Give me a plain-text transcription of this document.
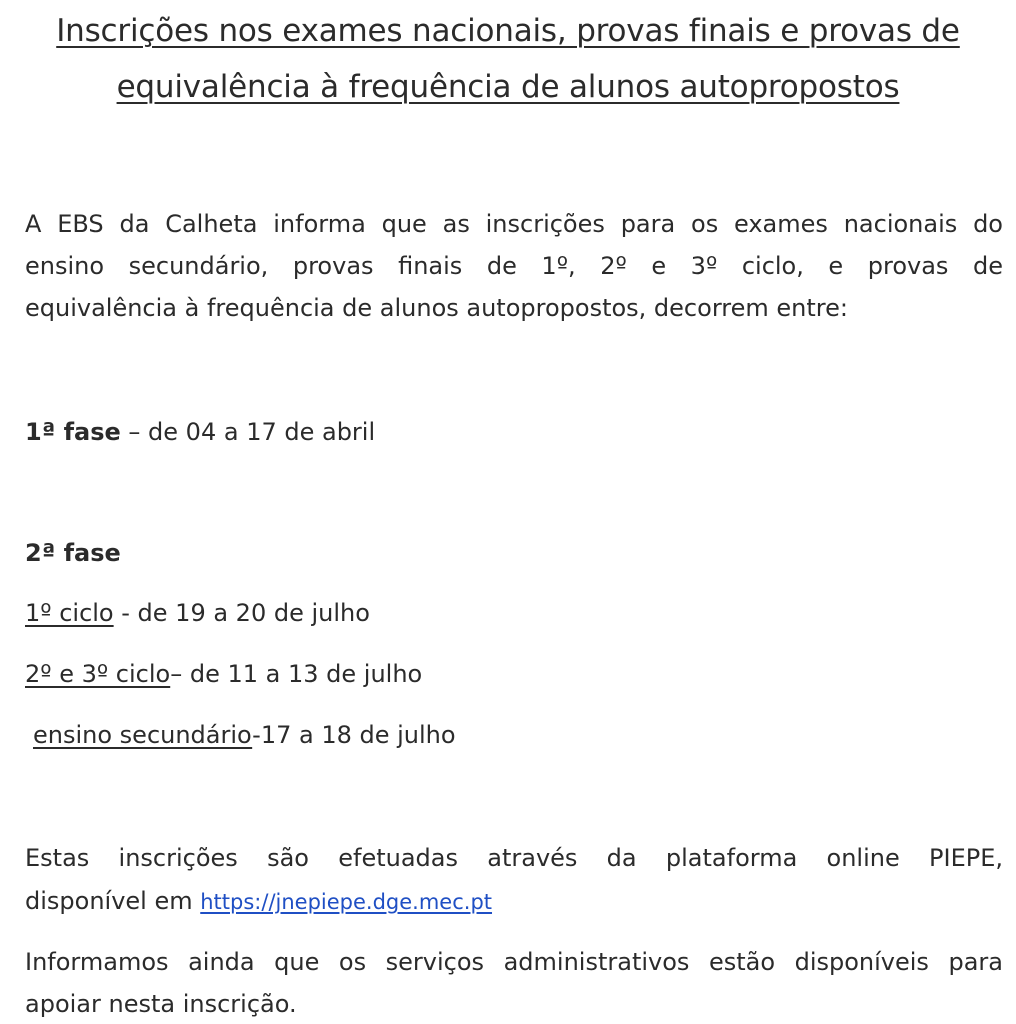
Inscrições nos exames nacionais, provas finais e provas de
equivalência à frequência de alunos autopropostos
A EBS da Calheta informa que as inscrições para os exames nacionais do
ensino secundário, provas finais de 1º, 2º e 3º ciclo, e provas de
equivalência à frequência de alunos autopropostos, decorrem entre:
1ª fase – de 04 a 17 de abril
2ª fase
1º ciclo - de 19 a 20 de julho
2º e 3º ciclo– de 11 a 13 de julho
ensino secundário-17 a 18 de julho
Estas inscrições são efetuadas através da plataforma online PIEPE,
disponível em https://jnepiepe.dge.mec.pt
Informamos ainda que os serviços administrativos estão disponíveis para
apoiar nesta inscrição.
